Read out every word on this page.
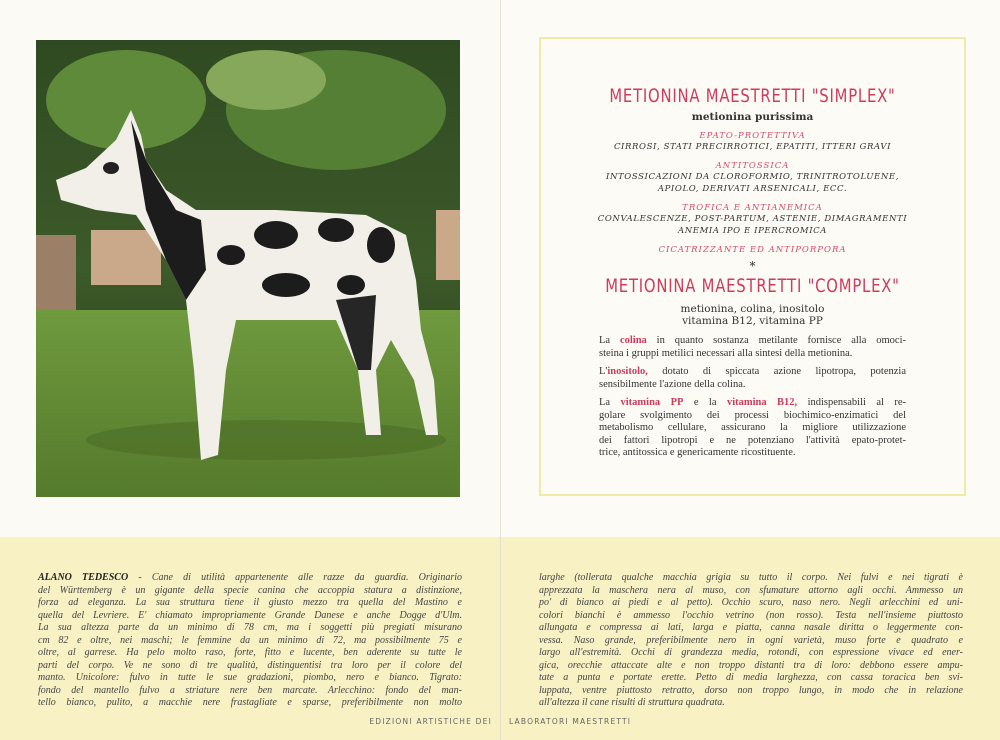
ALANO TEDESCO - Cane di utilità appartenente alle razze da guardia. Originario
del Württemberg è un gigante della specie canina che accoppia statura a distinzione,
forza ad eleganza. La sua struttura tiene il giusto mezzo tra quella del Mastino e
quella del Levriere. E' chiamato impropriamente Grande Danese e anche Dogge d'Ulm.
La sua altezza parte da un minimo di 78 cm, ma i soggetti più pregiati misurano
cm 82 e oltre, nei maschi; le femmine da un minimo di 72, ma possibilmente 75 e
oltre, al garrese. Ha pelo molto raso, forte, fitto e lucente, ben aderente su tutte le
parti del corpo. Ve ne sono di tre qualità, distinguentisi tra loro per il colore del
manto. Unicolore: fulvo in tutte le sue gradazioni, piombo, nero e bianco. Tigrato:
fondo del mantello fulvo a striature nere ben marcate. Arlecchino: fondo del man-
tello bianco, pulito, a macchie nere frastagliate e sparse, preferibilmente non molto
EDIZIONI ARTISTICHE DEI
METIONINA MAESTRETTI "SIMPLEX"
metionina purissima
EPATO-PROTETTIVA
CIRROSI, STATI PRECIRROTICI, EPATITI, ITTERI GRAVI
ANTITOSSICA
INTOSSICAZIONI DA CLOROFORMIO, TRINITROTOLUENE,
APIOLO, DERIVATI ARSENICALI, ECC.
TROFICA E ANTIANEMICA
CONVALESCENZE, POST-PARTUM, ASTENIE, DIMAGRAMENTI
ANEMIA IPO E IPERCROMICA
CICATRIZZANTE ED ANTIPORPORA
*
METIONINA MAESTRETTI "COMPLEX"
metionina, colina, inositolo
vitamina B12, vitamina PP
La colina in quanto sostanza metilante fornisce alla omoci-
steina i gruppi metilici necessari alla sintesi della metionina.
L'inositolo, dotato di spiccata azione lipotropa, potenzia
sensibilmente l'azione della colina.
La vitamina PP e la vitamina B12, indispensabili al re-
golare svolgimento dei processi biochimico-enzimatici del
metabolismo cellulare, assicurano la migliore utilizzazione
dei fattori lipotropi e ne potenziano l'attività epato-protet-
trice, antitossica e genericamente ricostituente.
larghe (tollerata qualche macchia grigia su tutto il corpo. Nei fulvi e nei tigrati è
apprezzata la maschera nera al muso, con sfumature attorno agli occhi. Ammesso un
po' di bianco ai piedi e al petto). Occhio scuro, naso nero. Negli arlecchini ed uni-
colori bianchi è ammesso l'occhio vetrino (non rosso). Testa nell'insieme piuttosto
allungata e compressa ai lati, larga e piatta, canna nasale diritta o leggermente con-
vessa. Naso grande, preferibilmente nero in ogni varietà, muso forte e quadrato e
largo all'estremità. Occhi di grandezza media, rotondi, con espressione vivace ed ener-
gica, orecchie attaccate alte e non troppo distanti tra di loro: debbono essere ampu-
tate a punta e portate erette. Petto di media larghezza, con cassa toracica ben svi-
luppata, ventre piuttosto retratto, dorso non troppo lungo, in modo che in relazione
all'altezza il cane risulti di struttura quadrata.
LABORATORI MAESTRETTI
